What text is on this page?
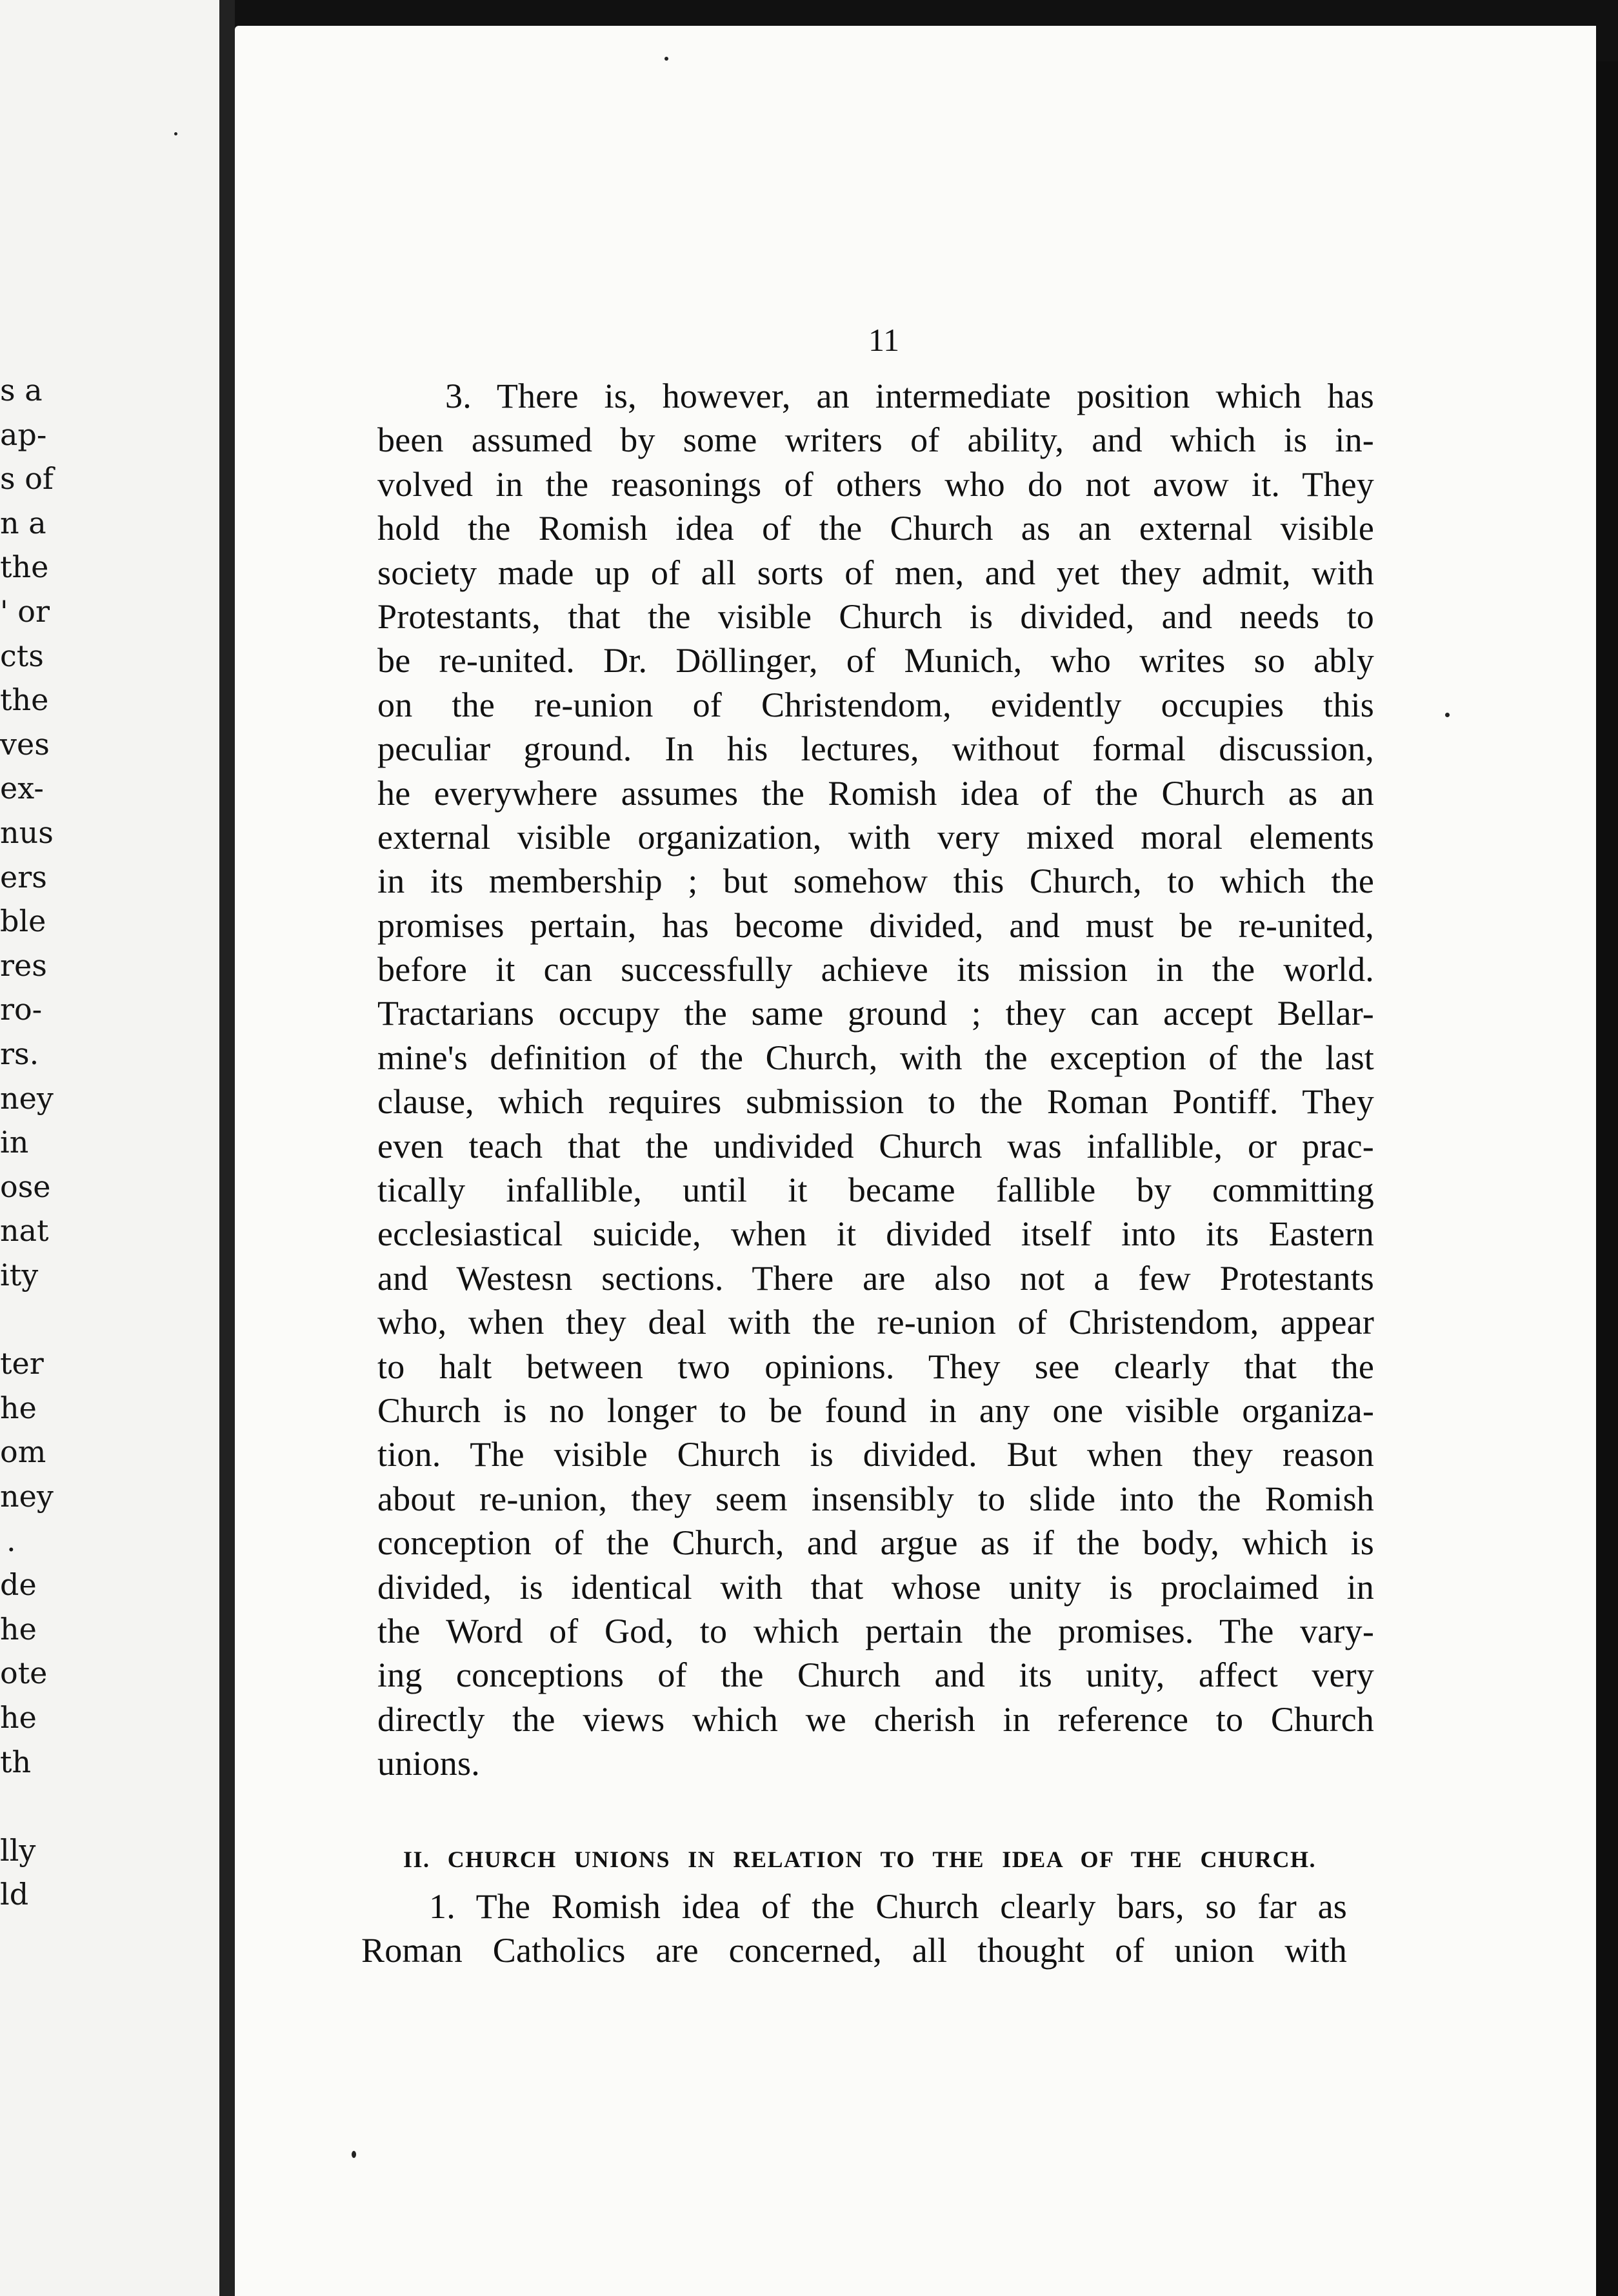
s a
ap-
s of
n a
the
' or
cts
the
ves
ex-
nus
ers
ble
res
ro-
rs.
ney
in
ose
nat
ity
ter
he
om
ney
.
de
he
ote
he
th
lly
ld
11
3. There is, however, an intermediate position which has
been assumed by some writers of ability, and which is in-
volved in the reasonings of others who do not avow it. They
hold the Romish idea of the Church as an external visible
society made up of all sorts of men, and yet they admit, with
Protestants, that the visible Church is divided, and needs to
be re-united. Dr. Döllinger, of Munich, who writes so ably
on the re-union of Christendom, evidently occupies this
peculiar ground. In his lectures, without formal discussion,
he everywhere assumes the Romish idea of the Church as an
external visible organization, with very mixed moral elements
in its membership ; but somehow this Church, to which the
promises pertain, has become divided, and must be re-united,
before it can successfully achieve its mission in the world.
Tractarians occupy the same ground ; they can accept Bellar-
mine's definition of the Church, with the exception of the last
clause, which requires submission to the Roman Pontiff. They
even teach that the undivided Church was infallible, or prac-
tically infallible, until it became fallible by committing
ecclesiastical suicide, when it divided itself into its Eastern
and Westesn sections. There are also not a few Protestants
who, when they deal with the re-union of Christendom, appear
to halt between two opinions. They see clearly that the
Church is no longer to be found in any one visible organiza-
tion. The visible Church is divided. But when they reason
about re-union, they seem insensibly to slide into the Romish
conception of the Church, and argue as if the body, which is
divided, is identical with that whose unity is proclaimed in
the Word of God, to which pertain the promises. The vary-
ing conceptions of the Church and its unity, affect very
directly the views which we cherish in reference to Church
unions.
II. CHURCH UNIONS IN RELATION TO THE IDEA OF THE CHURCH.
1. The Romish idea of the Church clearly bars, so far as
Roman Catholics are concerned, all thought of union with
